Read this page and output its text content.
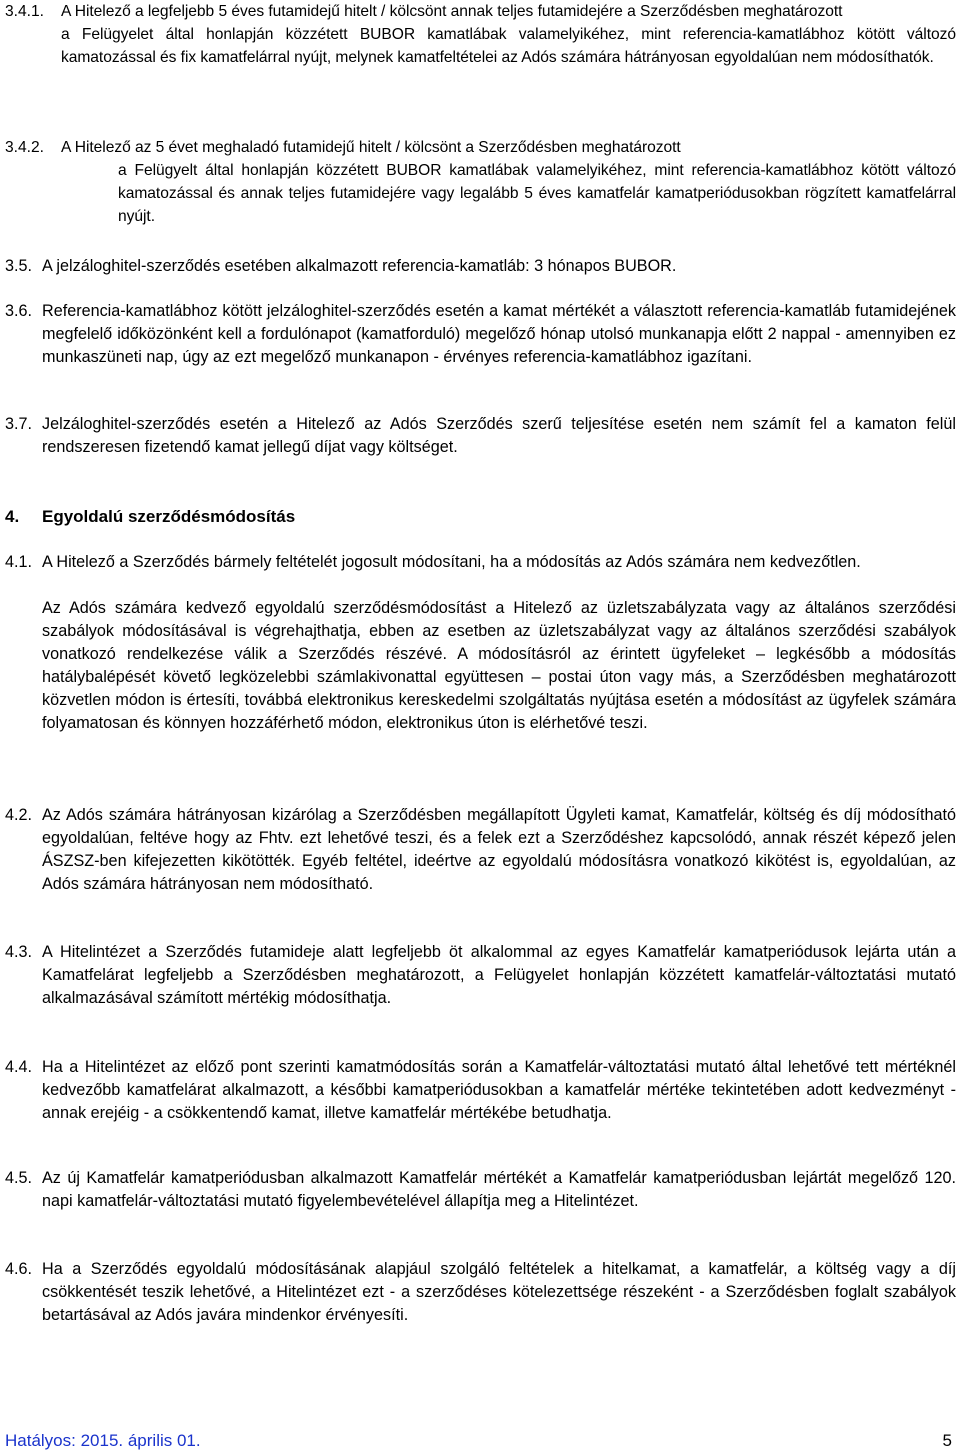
3.4.1.	A Hitelező a legfeljebb 5 éves futamidejű hitelt / kölcsönt annak teljes futamidejére a Szerződésben meghatározott

a Felügyelet által honlapján közzétett BUBOR kamatlábak valamelyikéhez, mint referencia-kamatlábhoz kötött változó kamatozással és fix kamatfelárral nyújt, melynek kamatfeltételei az Adós számára hátrányosan egyoldalúan nem módosíthatók.

3.4.2.	A Hitelező az 5 évet meghaladó futamidejű hitelt / kölcsönt a Szerződésben meghatározott

a Felügyelt által honlapján közzétett BUBOR kamatlábak valamelyikéhez, mint referencia-kamatlábhoz kötött változó kamatozással és annak teljes futamidejére vagy legalább 5 éves kamatfelár kamatperiódusokban rögzített kamatfelárral nyújt.

3.5. A jelzáloghitel-szerződés esetében alkalmazott referencia-kamatláb: 3 hónapos BUBOR.

3.6. Referencia-kamatlábhoz kötött jelzáloghitel-szerződés esetén a kamat mértékét a választott referencia-kamatláb futamidejének megfelelő időközönként kell a fordulónapot (kamatforduló) megelőző hónap utolsó munkanapja előtt 2 nappal - amennyiben ez munkaszüneti nap, úgy az ezt megelőző munkanapon - érvényes referencia-kamatlábhoz igazítani.

3.7. Jelzáloghitel-szerződés esetén a Hitelező az Adós Szerződés szerű teljesítése esetén nem számít fel a kamaton felül rendszeresen fizetendő kamat jellegű díjat vagy költséget.

4. Egyoldalú szerződésmódosítás

4.1. A Hitelező a Szerződés bármely feltételét jogosult módosítani, ha a módosítás az Adós számára nem kedvezőtlen.

Az Adós számára kedvező egyoldalú szerződésmódosítást a Hitelező az üzletszabályzata vagy az általános szerződési szabályok módosításával is végrehajthatja, ebben az esetben az üzletszabályzat vagy az általános szerződési szabályok vonatkozó rendelkezése válik a Szerződés részévé. A módosításról az érintett ügyfeleket – legkésőbb a módosítás hatálybalépését követő legközelebbi számlakivonattal együttesen – postai úton vagy más, a Szerződésben meghatározott közvetlen módon is értesíti, továbbá elektronikus kereskedelmi szolgáltatás nyújtása esetén a módosítást az ügyfelek számára folyamatosan és könnyen hozzáférhető módon, elektronikus úton is elérhetővé teszi.

4.2. Az Adós számára hátrányosan kizárólag a Szerződésben megállapított Ügyleti kamat, Kamatfelár, költség és díj módosítható egyoldalúan, feltéve hogy az Fhtv. ezt lehetővé teszi, és a felek ezt a Szerződéshez kapcsolódó, annak részét képező jelen ÁSZSZ-ben kifejezetten kikötötték. Egyéb feltétel, ideértve az egyoldalú módosításra vonatkozó kikötést is, egyoldalúan, az Adós számára hátrányosan nem módosítható.

4.3. A Hitelintézet a Szerződés futamideje alatt legfeljebb öt alkalommal az egyes Kamatfelár kamatperiódusok lejárta után a Kamatfelárat legfeljebb a Szerződésben meghatározott, a Felügyelet honlapján közzétett kamatfelár-változtatási mutató alkalmazásával számított mértékig módosíthatja.

4.4. Ha a Hitelintézet az előző pont szerinti kamatmódosítás során a Kamatfelár-változtatási mutató által lehetővé tett mértéknél kedvezőbb kamatfelárat alkalmazott, a későbbi kamatperiódusokban a kamatfelár mértéke tekintetében adott kedvezményt - annak erejéig - a csökkentendő kamat, illetve kamatfelár mértékébe betudhatja.

4.5. Az új Kamatfelár kamatperiódusban alkalmazott Kamatfelár mértékét a Kamatfelár kamatperiódusban lejártát megelőző 120. napi kamatfelár-változtatási mutató figyelembevételével állapítja meg a Hitelintézet.

4.6. Ha a Szerződés egyoldalú módosításának alapjául szolgáló feltételek a hitelkamat, a kamatfelár, a költség vagy a díj csökkentését teszik lehetővé, a Hitelintézet ezt - a szerződéses kötelezettsége részeként - a Szerződésben foglalt szabályok betartásával az Adós javára mindenkor érvényesíti.

Hatályos: 2015. április 01.	5
